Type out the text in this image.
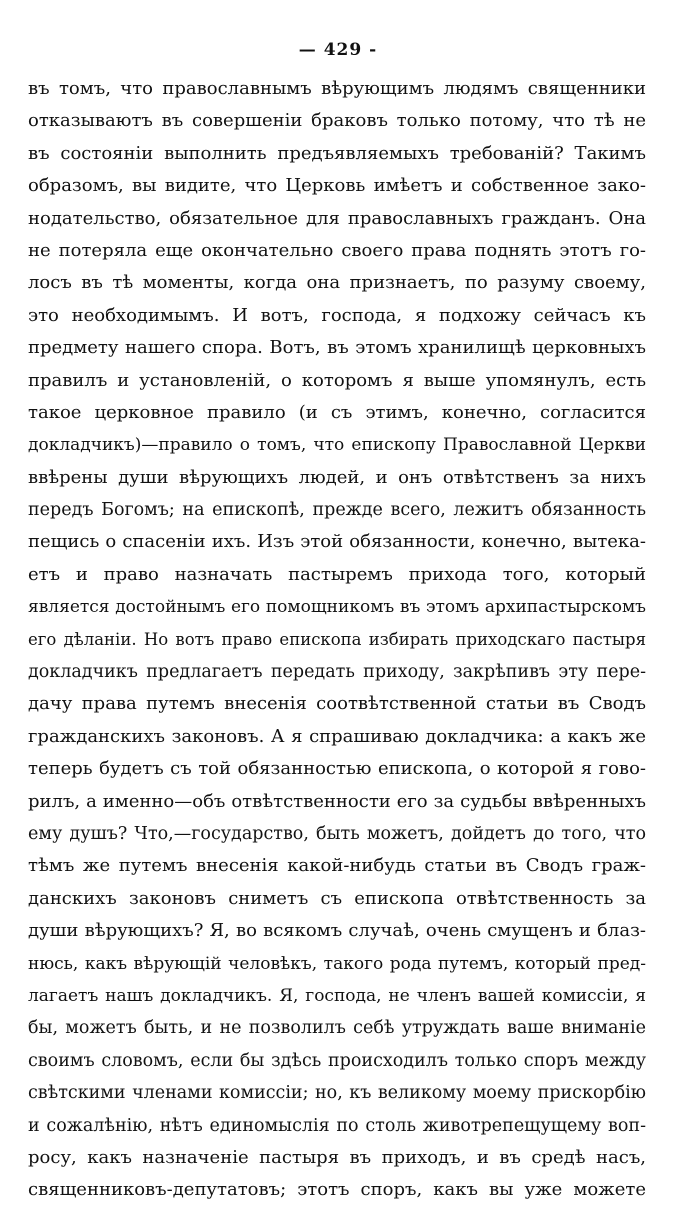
— 429 -
въ томъ, что православнымъ вѣрующимъ людямъ священники
отказываютъ въ совершенiи браковъ только потому, что тѣ не
въ состоянiи выполнить предъявляемыхъ требованiй? Такимъ
образомъ, вы видите, что Церковь имѣетъ и собственное зако-
нодательство, обязательное для православныхъ гражданъ. Она
не потеряла еще окончательно своего права поднять этотъ го-
лосъ въ тѣ моменты, когда она признаетъ, по разуму своему,
это необходимымъ. И вотъ, господа, я подхожу сейчасъ къ
предмету нашего спора. Вотъ, въ этомъ хранилищѣ церковныхъ
правилъ и установленiй, о которомъ я выше упомянулъ, есть
такое церковное правило (и съ этимъ, конечно, согласится
докладчикъ)—правило о томъ, что епископу Православной Церкви
ввѣрены души вѣрующихъ людей, и онъ отвѣтственъ за нихъ
передъ Богомъ; на епископѣ, прежде всего, лежитъ обязанность
пещись о спасенiи ихъ. Изъ этой обязанности, конечно, вытека-
етъ и право назначать пастыремъ прихода того, который
является достойнымъ его помощникомъ въ этомъ архипастырскомъ
его дѣланiи. Но вотъ право епископа избирать приходскаго пастыря
докладчикъ предлагаетъ передать приходу, закрѣпивъ эту пере-
дачу права путемъ внесенiя соотвѣтственной статьи въ Сводъ
гражданскихъ законовъ. А я спрашиваю докладчика: а какъ же
теперь будетъ съ той обязанностью епископа, о которой я гово-
рилъ, а именно—объ отвѣтственности его за судьбы ввѣренныхъ
ему душъ? Что,—государство, быть можетъ, дойдетъ до того, что
тѣмъ же путемъ внесенiя какой-нибудь статьи въ Сводъ граж-
данскихъ законовъ сниметъ съ епископа отвѣтственность за
души вѣрующихъ? Я, во всякомъ случаѣ, очень смущенъ и блаз-
нюсь, какъ вѣрующiй человѣкъ, такого рода путемъ, который пред-
лагаетъ нашъ докладчикъ. Я, господа, не членъ вашей комиссiи, я
бы, можетъ быть, и не позволилъ себѣ утруждать ваше вниманiе
своимъ словомъ, если бы здѣсь происходилъ только споръ между
свѣтскими членами комиссiи; но, къ великому моему прискорбiю
и сожалѣнiю, нѣтъ единомыслiя по столь животрепещущему воп-
росу, какъ назначенiе пастыря въ приходъ, и въ средѣ насъ,
священниковъ-депутатовъ; этотъ споръ, какъ вы уже можете
